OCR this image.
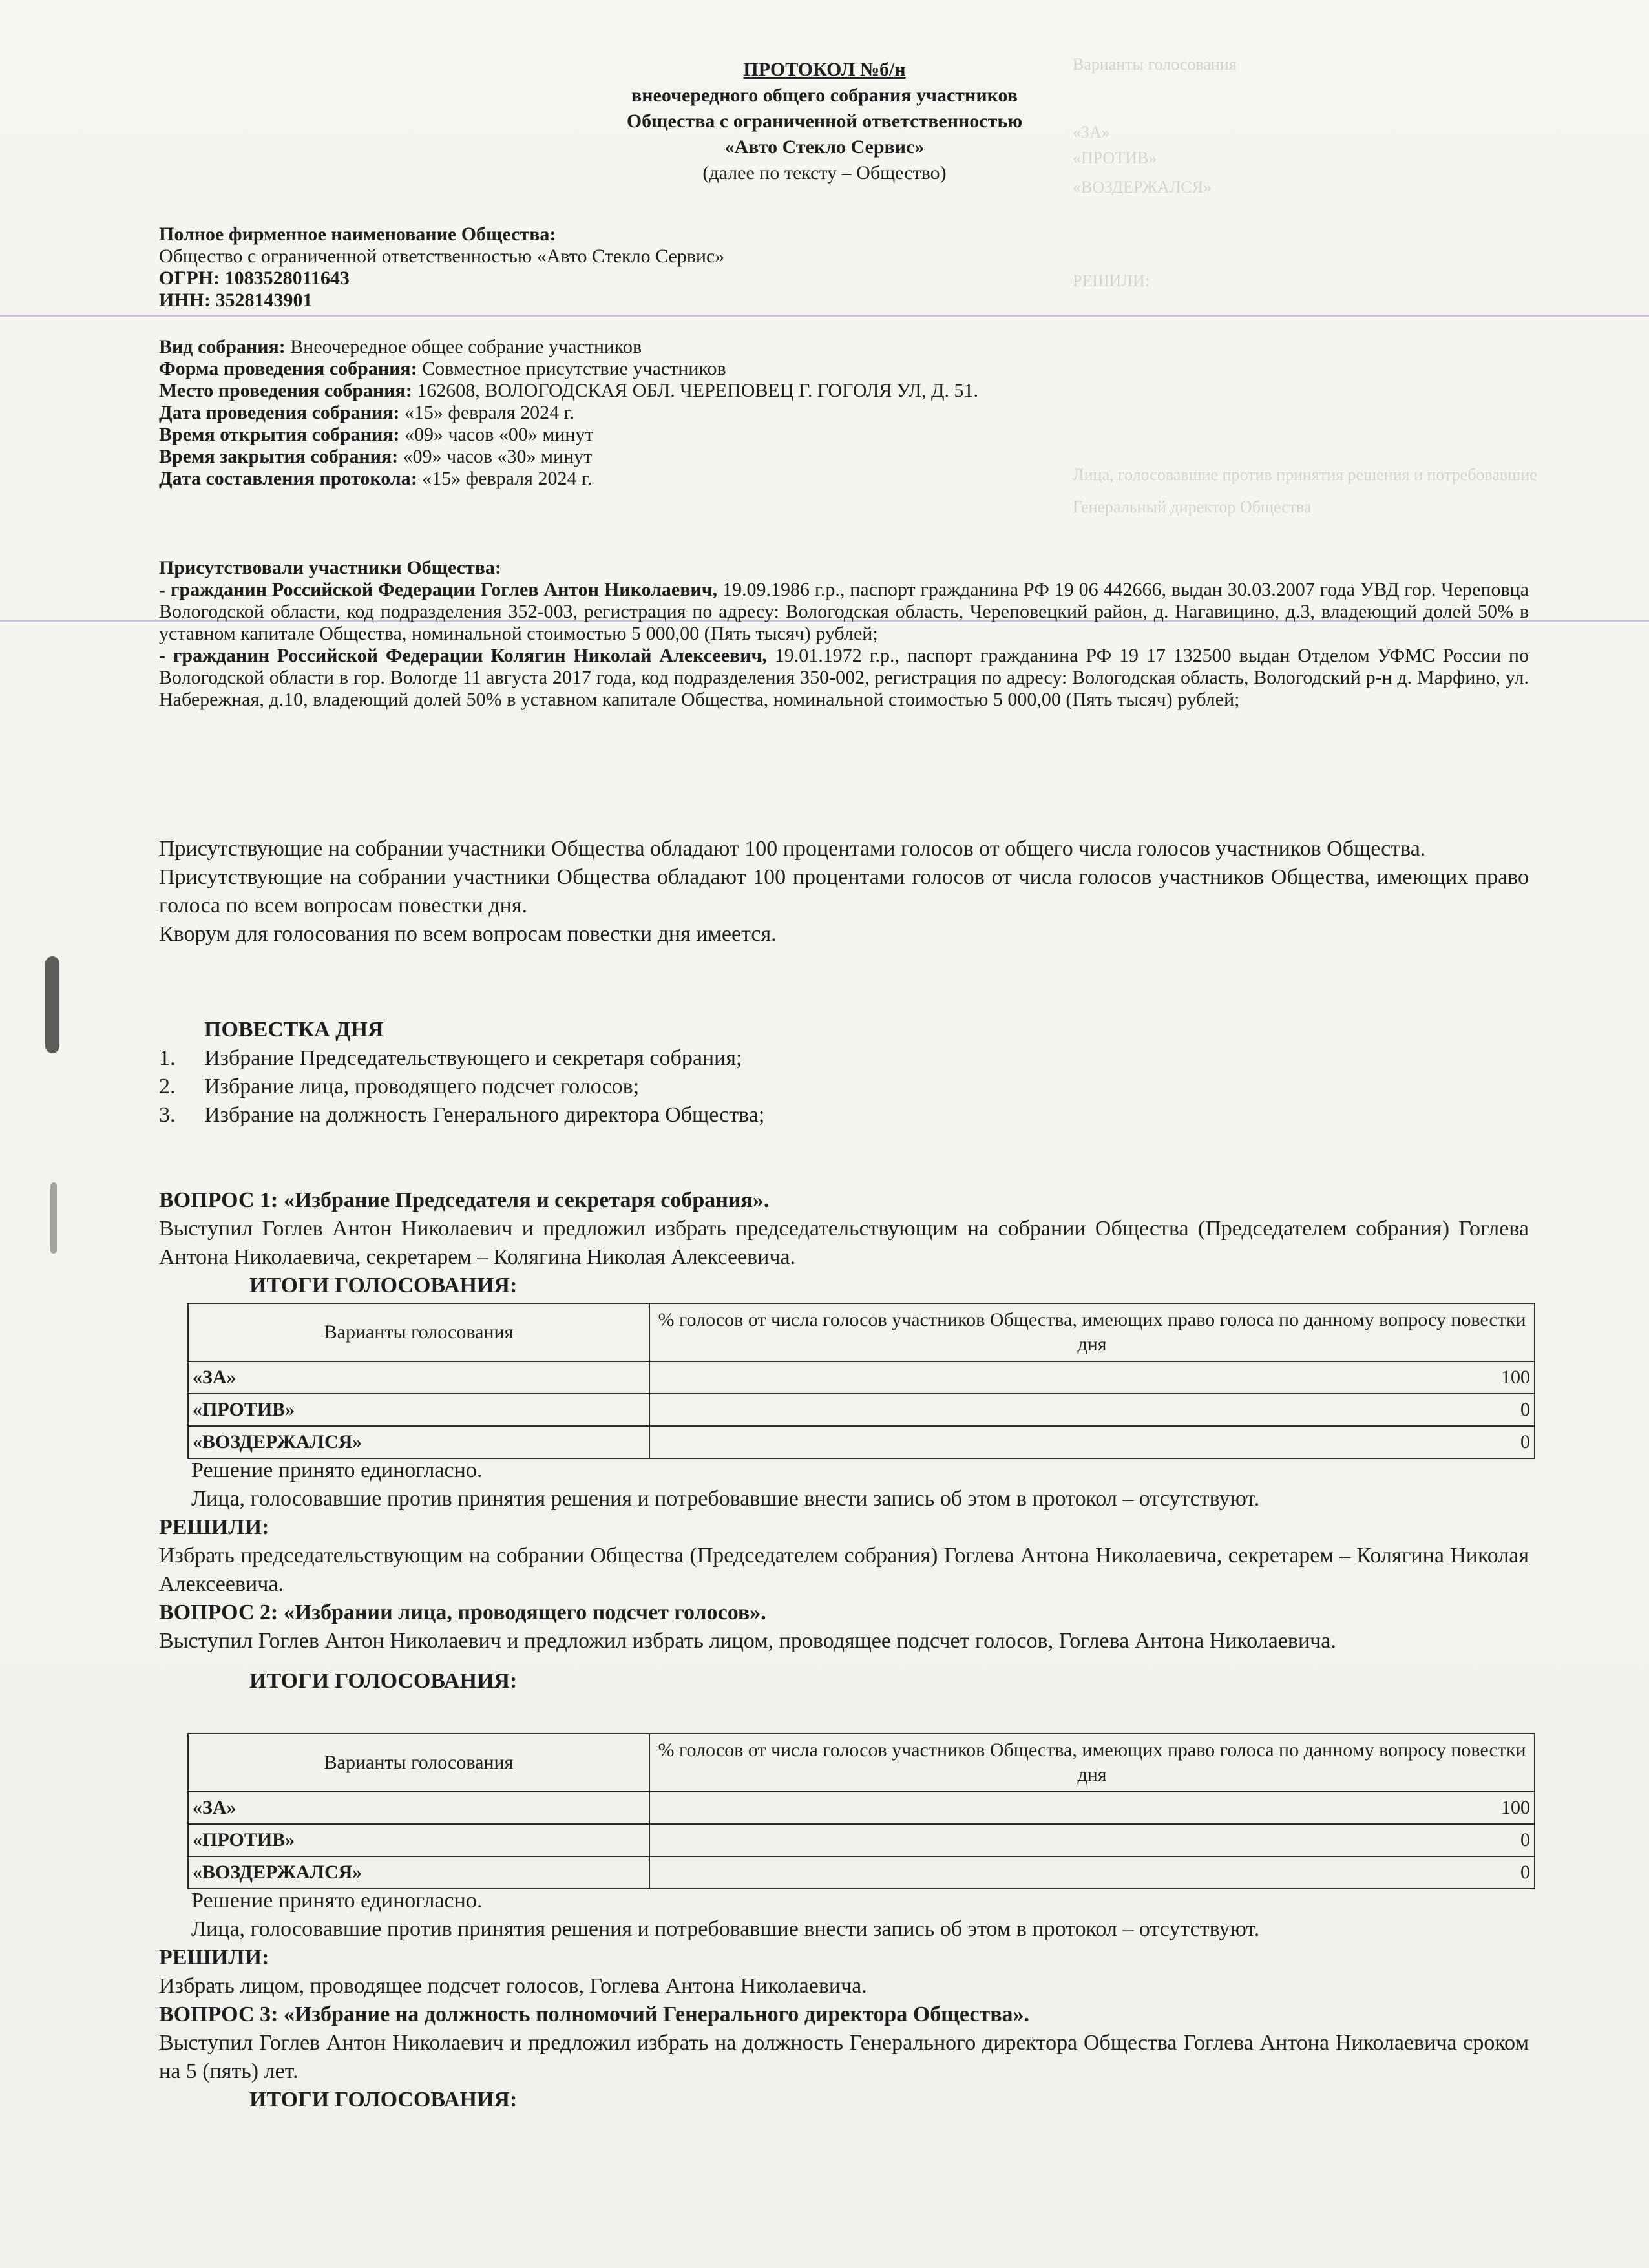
Варианты голосования
«ЗА»
«ПРОТИВ»
«ВОЗДЕРЖАЛСЯ»
РЕШИЛИ:
Лица, голосовавшие против принятия решения и потребовавшие
Генеральный директор Общества
ПРОТОКОЛ №б/н
внеочередного общего собрания участников
Общества с ограниченной ответственностью
«Авто Стекло Сервис»
(далее по тексту – Общество)
Полное фирменное наименование Общества:
Общество с ограниченной ответственностью «Авто Стекло Сервис»
ОГРН: 1083528011643
ИНН: 3528143901
Вид собрания: Внеочередное общее собрание участников
Форма проведения собрания: Совместное присутствие участников
Место проведения собрания: 162608, ВОЛОГОДСКАЯ ОБЛ. ЧЕРЕПОВЕЦ Г. ГОГОЛЯ УЛ, Д. 51.
Дата проведения собрания: «15» февраля 2024 г.
Время открытия собрания: «09» часов «00» минут
Время закрытия собрания: «09» часов «30» минут
Дата составления протокола: «15» февраля 2024 г.
Присутствовали участники Общества:
- гражданин Российской Федерации Гоглев Антон Николаевич, 19.09.1986 г.р., паспорт гражданина РФ 19 06 442666, выдан 30.03.2007 года УВД гор. Череповца Вологодской области, код подразделения 352-003, регистрация по адресу: Вологодская область, Череповецкий район, д. Нагавицино, д.3, владеющий долей 50% в уставном капитале Общества, номинальной стоимостью 5 000,00 (Пять тысяч) рублей;
- гражданин Российской Федерации Колягин Николай Алексеевич, 19.01.1972 г.р., паспорт гражданина РФ 19 17 132500 выдан Отделом УФМС России по Вологодской области в гор. Вологде 11 августа 2017 года, код подразделения 350-002, регистрация по адресу: Вологодская область, Вологодский р-н д. Марфино, ул. Набережная, д.10, владеющий долей 50% в уставном капитале Общества, номинальной стоимостью 5 000,00 (Пять тысяч) рублей;
Присутствующие на собрании участники Общества обладают 100 процентами голосов от общего числа голосов участников Общества.
Присутствующие на собрании участники Общества обладают 100 процентами голосов от числа голосов участников Общества, имеющих право голоса по всем вопросам повестки дня.
Кворум для голосования по всем вопросам повестки дня имеется.
ПОВЕСТКА ДНЯ
1.	Избрание Председательствующего и секретаря собрания;
2.	Избрание лица, проводящего подсчет голосов;
3.	Избрание на должность Генерального директора Общества;
ВОПРОС 1: «Избрание Председателя и секретаря собрания».
Выступил Гоглев Антон Николаевич и предложил избрать председательствующим на собрании Общества (Председателем собрания) Гоглева Антона Николаевича, секретарем – Колягина Николая Алексеевича.
ИТОГИ ГОЛОСОВАНИЯ:
Варианты голосования	% голосов от числа голосов участников Общества, имеющих право голоса по данному вопросу повестки дня
«ЗА»	100
«ПРОТИВ»	0
«ВОЗДЕРЖАЛСЯ»	0
Решение принято единогласно.
Лица, голосовавшие против принятия решения и потребовавшие внести запись об этом в протокол – отсутствуют.
РЕШИЛИ:
Избрать председательствующим на собрании Общества (Председателем собрания) Гоглева Антона Николаевича, секретарем – Колягина Николая Алексеевича.
ВОПРОС 2: «Избрании лица, проводящего подсчет голосов».
Выступил Гоглев Антон Николаевич и предложил избрать лицом, проводящее подсчет голосов, Гоглева Антона Николаевича.
ИТОГИ ГОЛОСОВАНИЯ:
Варианты голосования	% голосов от числа голосов участников Общества, имеющих право голоса по данному вопросу повестки дня
«ЗА»	100
«ПРОТИВ»	0
«ВОЗДЕРЖАЛСЯ»	0
Решение принято единогласно.
Лица, голосовавшие против принятия решения и потребовавшие внести запись об этом в протокол – отсутствуют.
РЕШИЛИ:
Избрать лицом, проводящее подсчет голосов, Гоглева Антона Николаевича.
ВОПРОС 3: «Избрание на должность полномочий Генерального директора Общества».
Выступил Гоглев Антон Николаевич и предложил избрать на должность Генерального директора Общества Гоглева Антона Николаевича сроком на 5 (пять) лет.
ИТОГИ ГОЛОСОВАНИЯ:
